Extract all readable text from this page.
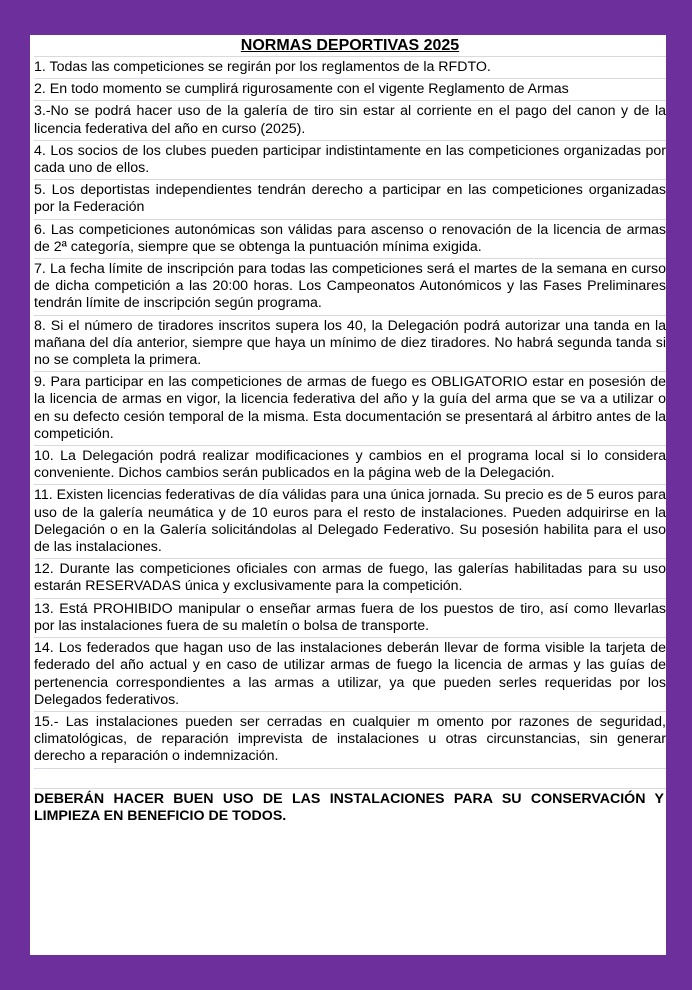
NORMAS DEPORTIVAS 2025

1. Todas las competiciones se regirán por los reglamentos de la RFDTO.

2. En todo momento se cumplirá rigurosamente con el vigente Reglamento de Armas

3.-No se podrá hacer uso de la galería de tiro sin estar al corriente en el pago del canon y de la licencia federativa del año en curso (2025).

4. Los socios de los clubes pueden participar indistintamente en las competiciones organizadas por cada uno de ellos.

5. Los deportistas independientes tendrán derecho a participar en las competiciones organizadas por la Federación

6. Las competiciones autonómicas son válidas para ascenso o renovación de la licencia de armas de 2ª categoría, siempre que se obtenga la puntuación mínima exigida.

7. La fecha límite de inscripción para todas las competiciones será el martes de la semana en curso de dicha competición a las 20:00 horas. Los Campeonatos Autonómicos y las Fases Preliminares tendrán límite de inscripción según programa.

8. Si el número de tiradores inscritos supera los 40, la Delegación podrá autorizar una tanda en la mañana del día anterior, siempre que haya un mínimo de diez tiradores. No habrá segunda tanda si no se completa la primera.

9. Para participar en las competiciones de armas de fuego es OBLIGATORIO estar en posesión de la licencia de armas en vigor, la licencia federativa del año y la guía del arma que se va a utilizar o en su defecto cesión temporal de la misma. Esta documentación se presentará al árbitro antes de la competición.

10. La Delegación podrá realizar modificaciones y cambios en el programa local si lo considera conveniente. Dichos cambios serán publicados en la página web de la Delegación.

11. Existen licencias federativas de día válidas para una única jornada. Su precio es de 5 euros para uso de la galería neumática y de 10 euros para el resto de instalaciones. Pueden adquirirse en la Delegación o en la Galería solicitándolas al Delegado Federativo. Su posesión habilita para el uso de las instalaciones.

12. Durante las competiciones oficiales con armas de fuego, las galerías habilitadas para su uso estarán RESERVADAS única y exclusivamente para la competición.

13. Está PROHIBIDO manipular o enseñar armas fuera de los puestos de tiro, así como llevarlas por las instalaciones fuera de su maletín o bolsa de transporte.

14. Los federados que hagan uso de las instalaciones deberán llevar de forma visible la tarjeta de federado del año actual y en caso de utilizar armas de fuego la licencia de armas y las guías de pertenencia correspondientes a las armas a utilizar, ya que pueden serles requeridas por los Delegados federativos.

15.- Las instalaciones pueden ser cerradas en cualquier m omento por razones de seguridad, climatológicas, de reparación imprevista de instalaciones u otras circunstancias, sin generar derecho a reparación o indemnización.

DEBERÁN HACER BUEN USO DE LAS INSTALACIONES PARA SU CONSERVACIÓN Y LIMPIEZA EN BENEFICIO DE TODOS.
